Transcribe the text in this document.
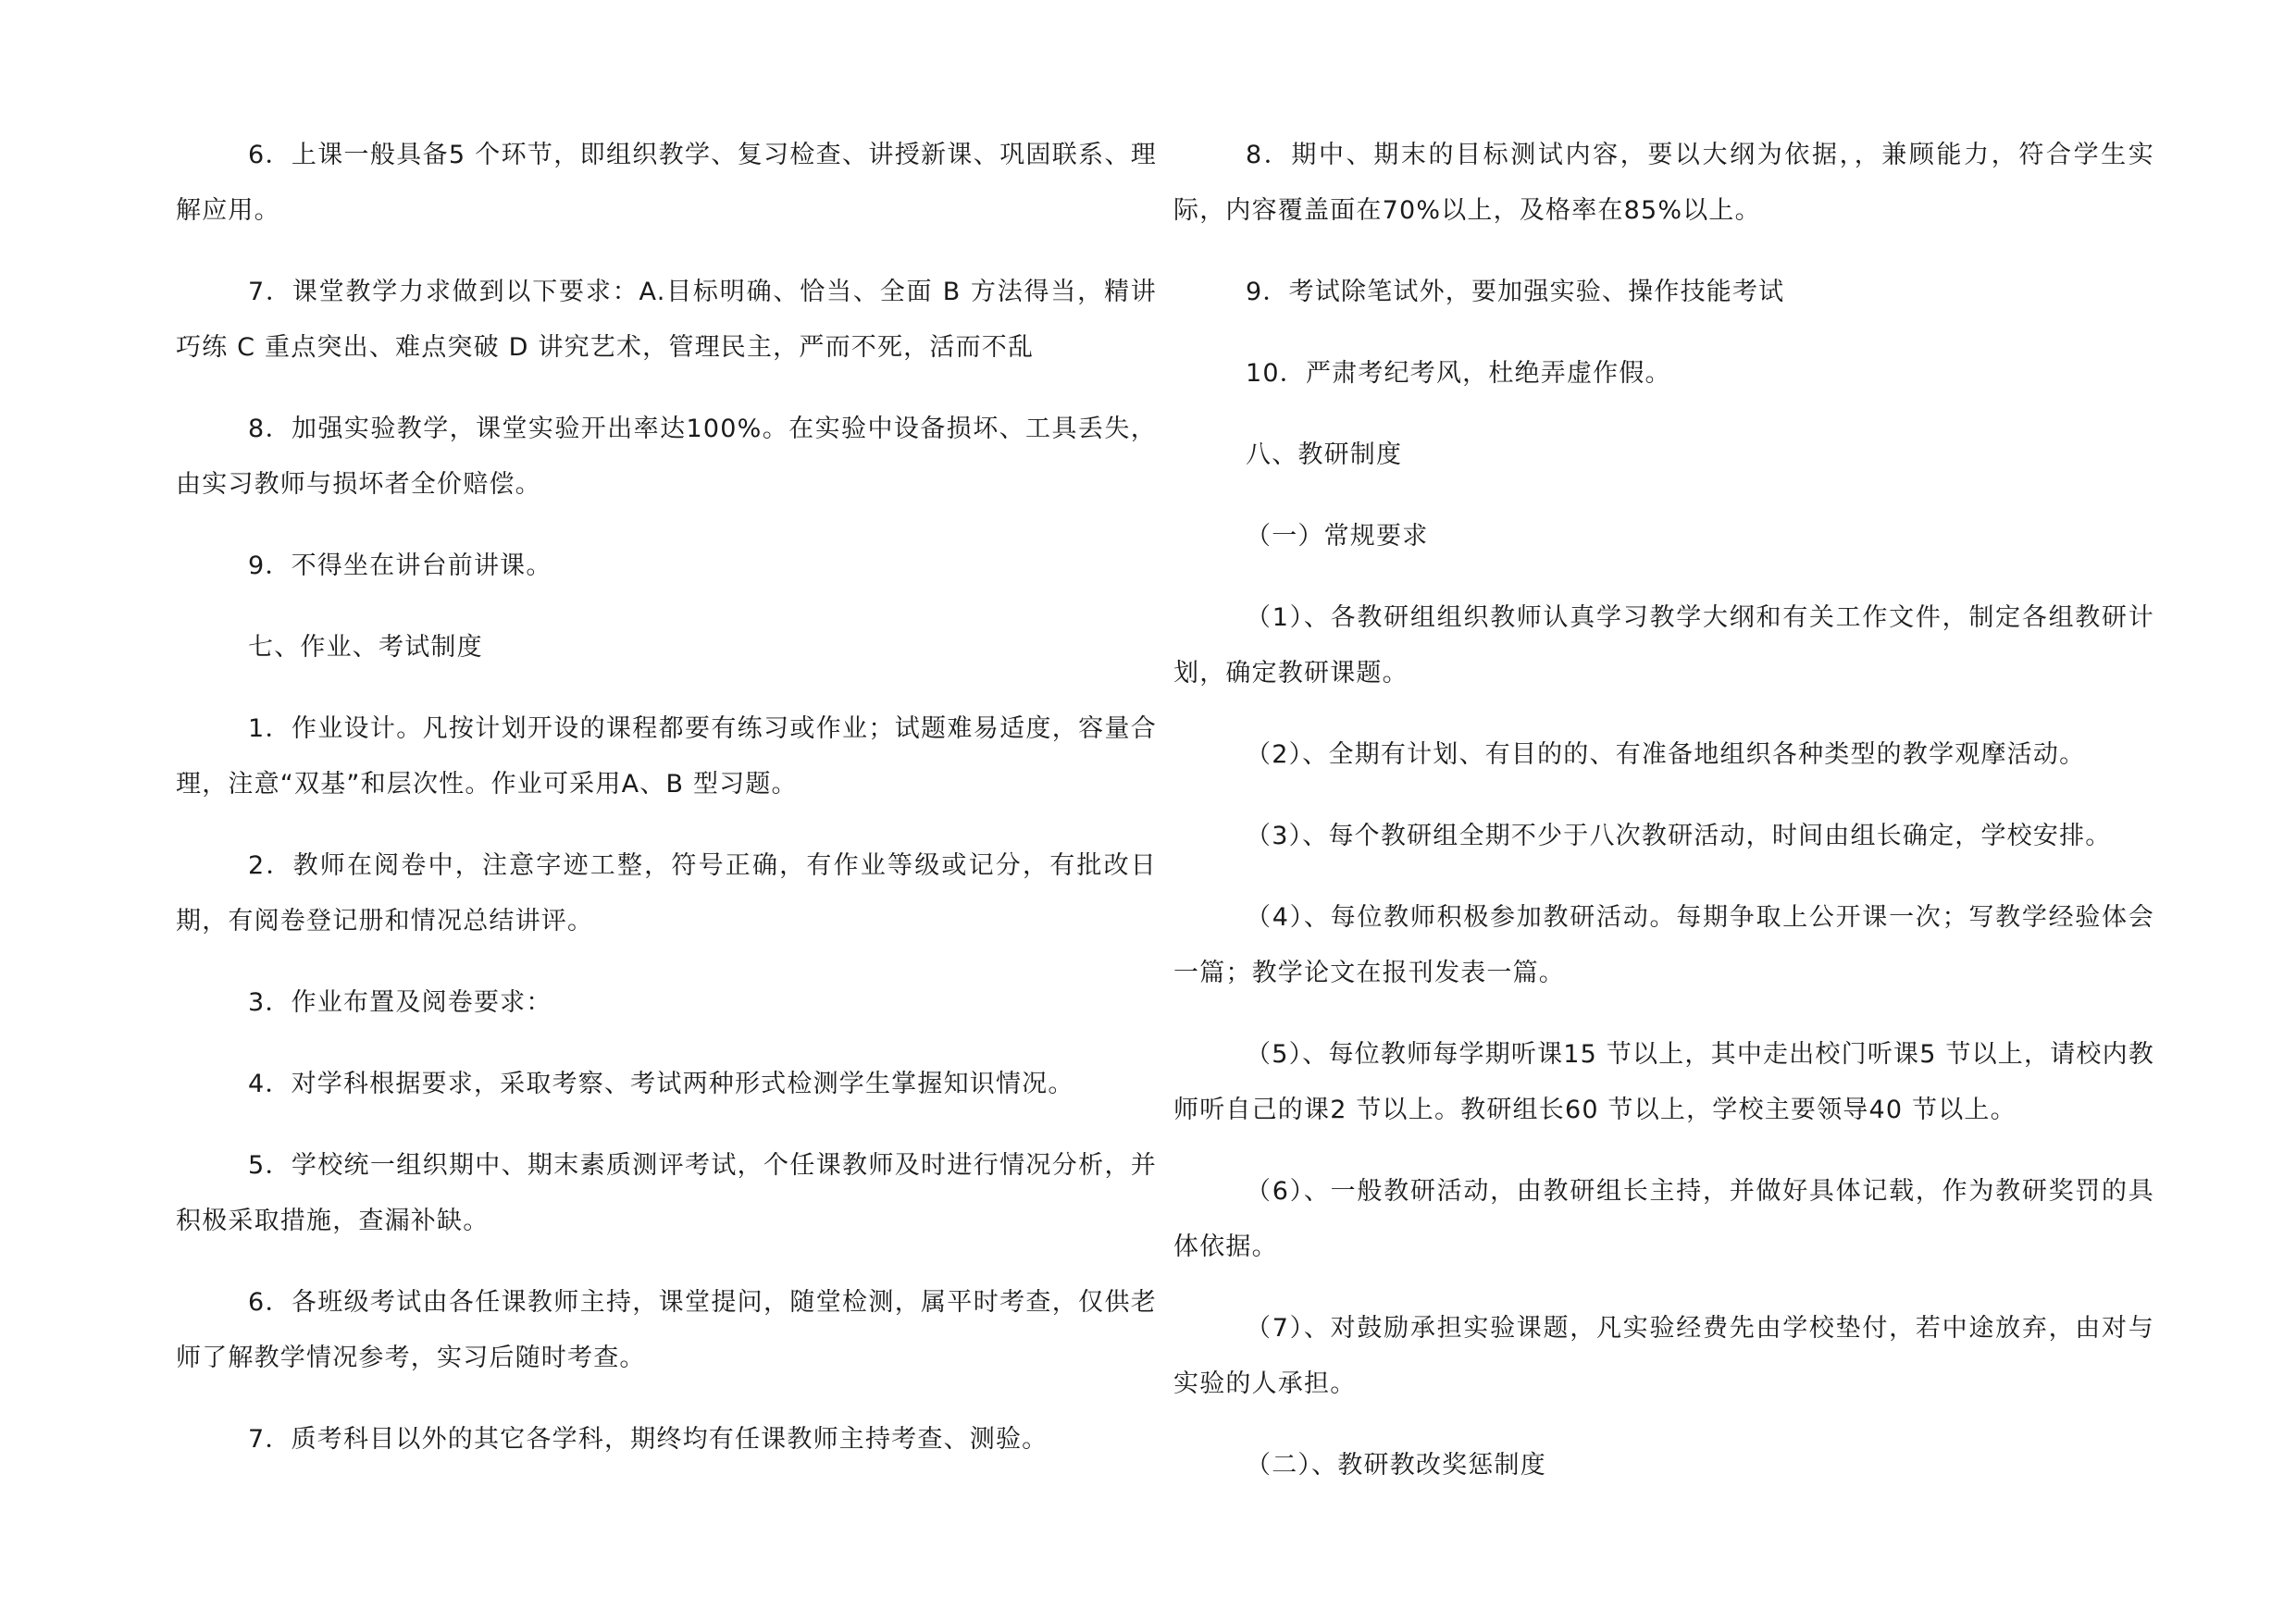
6．上课一般具备5 个环节，即组织教学、复习检查、讲授新课、巩固联系、理解应用。

7．课堂教学力求做到以下要求：A.目标明确、恰当、全面 B 方法得当，精讲巧练 C 重点突出、难点突破 D 讲究艺术，管理民主，严而不死，活而不乱

8．加强实验教学，课堂实验开出率达100%。在实验中设备损坏、工具丢失，由实习教师与损坏者全价赔偿。

9．不得坐在讲台前讲课。

七、作业、考试制度

1．作业设计。凡按计划开设的课程都要有练习或作业；试题难易适度，容量合理，注意“双基”和层次性。作业可采用A、B 型习题。

2．教师在阅卷中，注意字迹工整，符号正确，有作业等级或记分，有批改日期，有阅卷登记册和情况总结讲评。

3．作业布置及阅卷要求：

4．对学科根据要求，采取考察、考试两种形式检测学生掌握知识情况。

5．学校统一组织期中、期末素质测评考试，个任课教师及时进行情况分析，并积极采取措施，查漏补缺。

6．各班级考试由各任课教师主持，课堂提问，随堂检测，属平时考查，仅供老师了解教学情况参考，实习后随时考查。

7．质考科目以外的其它各学科，期终均有任课教师主持考查、测验。

8．期中、期末的目标测试内容，要以大纲为依据，，兼顾能力，符合学生实际，内容覆盖面在70%以上，及格率在85%以上。

9．考试除笔试外，要加强实验、操作技能考试

10．严肃考纪考风，杜绝弄虚作假。

八、教研制度

（一）常规要求

（1）、各教研组组织教师认真学习教学大纲和有关工作文件，制定各组教研计划，确定教研课题。

（2）、全期有计划、有目的的、有准备地组织各种类型的教学观摩活动。

（3）、每个教研组全期不少于八次教研活动，时间由组长确定，学校安排。

（4）、每位教师积极参加教研活动。每期争取上公开课一次；写教学经验体会一篇；教学论文在报刊发表一篇。

（5）、每位教师每学期听课15 节以上，其中走出校门听课5 节以上，请校内教师听自己的课2 节以上。教研组长60 节以上，学校主要领导40 节以上。

（6）、一般教研活动，由教研组长主持，并做好具体记载，作为教研奖罚的具体依据。

（7）、对鼓励承担实验课题，凡实验经费先由学校垫付，若中途放弃，由对与实验的人承担。

（二）、教研教改奖惩制度
